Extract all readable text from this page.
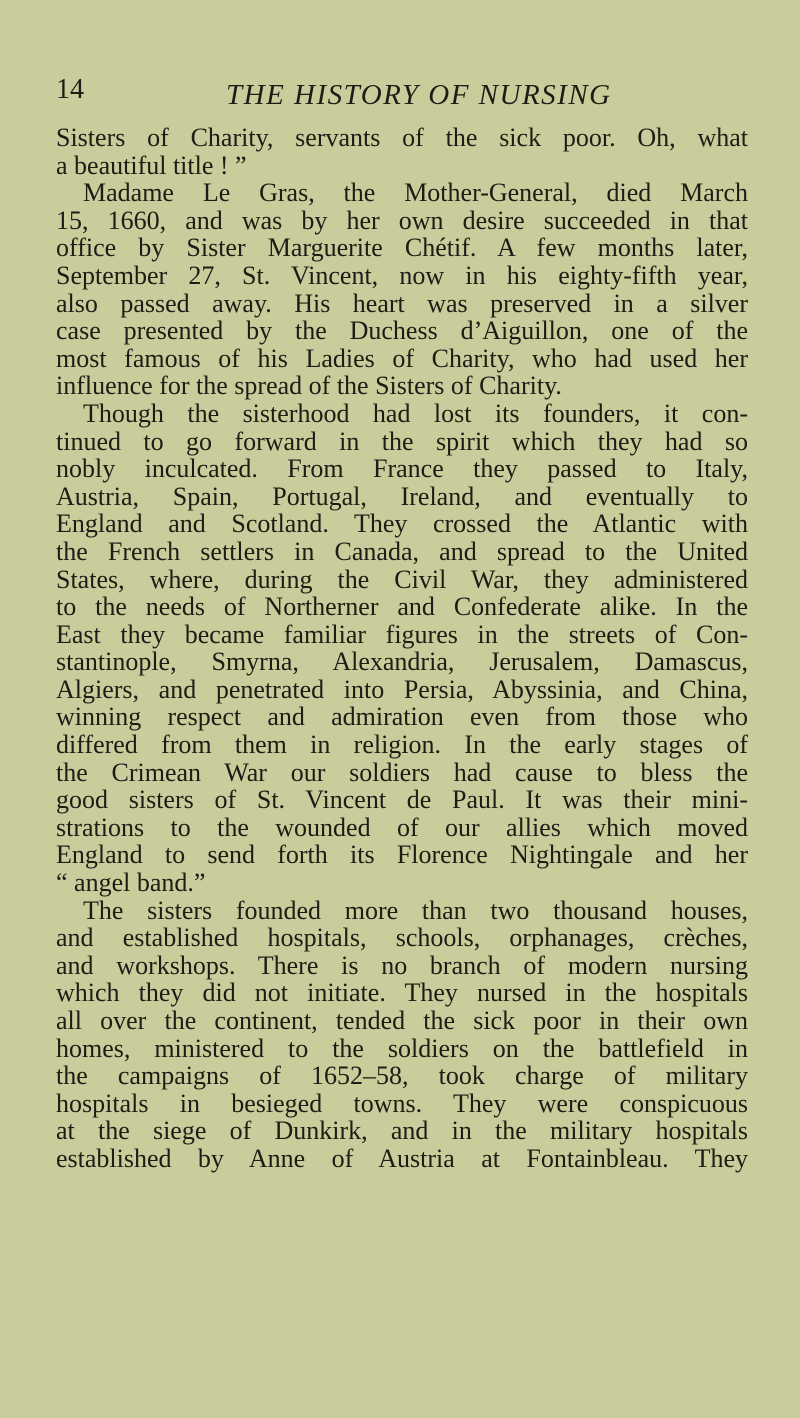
14	THE HISTORY OF NURSING
Sisters of Charity, servants of the sick poor. Oh, what
a beautiful title ! ”
Madame Le Gras, the Mother-General, died March
15, 1660, and was by her own desire succeeded in that
office by Sister Marguerite Chétif. A few months later,
September 27, St. Vincent, now in his eighty-fifth year,
also passed away. His heart was preserved in a silver
case presented by the Duchess d’Aiguillon, one of the
most famous of his Ladies of Charity, who had used her
influence for the spread of the Sisters of Charity.
Though the sisterhood had lost its founders, it con-
tinued to go forward in the spirit which they had so
nobly inculcated. From France they passed to Italy,
Austria, Spain, Portugal, Ireland, and eventually to
England and Scotland. They crossed the Atlantic with
the French settlers in Canada, and spread to the United
States, where, during the Civil War, they administered
to the needs of Northerner and Confederate alike. In the
East they became familiar figures in the streets of Con-
stantinople, Smyrna, Alexandria, Jerusalem, Damascus,
Algiers, and penetrated into Persia, Abyssinia, and China,
winning respect and admiration even from those who
differed from them in religion. In the early stages of
the Crimean War our soldiers had cause to bless the
good sisters of St. Vincent de Paul. It was their mini-
strations to the wounded of our allies which moved
England to send forth its Florence Nightingale and her
“ angel band.”
The sisters founded more than two thousand houses,
and established hospitals, schools, orphanages, crèches,
and workshops. There is no branch of modern nursing
which they did not initiate. They nursed in the hospitals
all over the continent, tended the sick poor in their own
homes, ministered to the soldiers on the battlefield in
the campaigns of 1652–58, took charge of military
hospitals in besieged towns. They were conspicuous
at the siege of Dunkirk, and in the military hospitals
established by Anne of Austria at Fontainbleau. They
